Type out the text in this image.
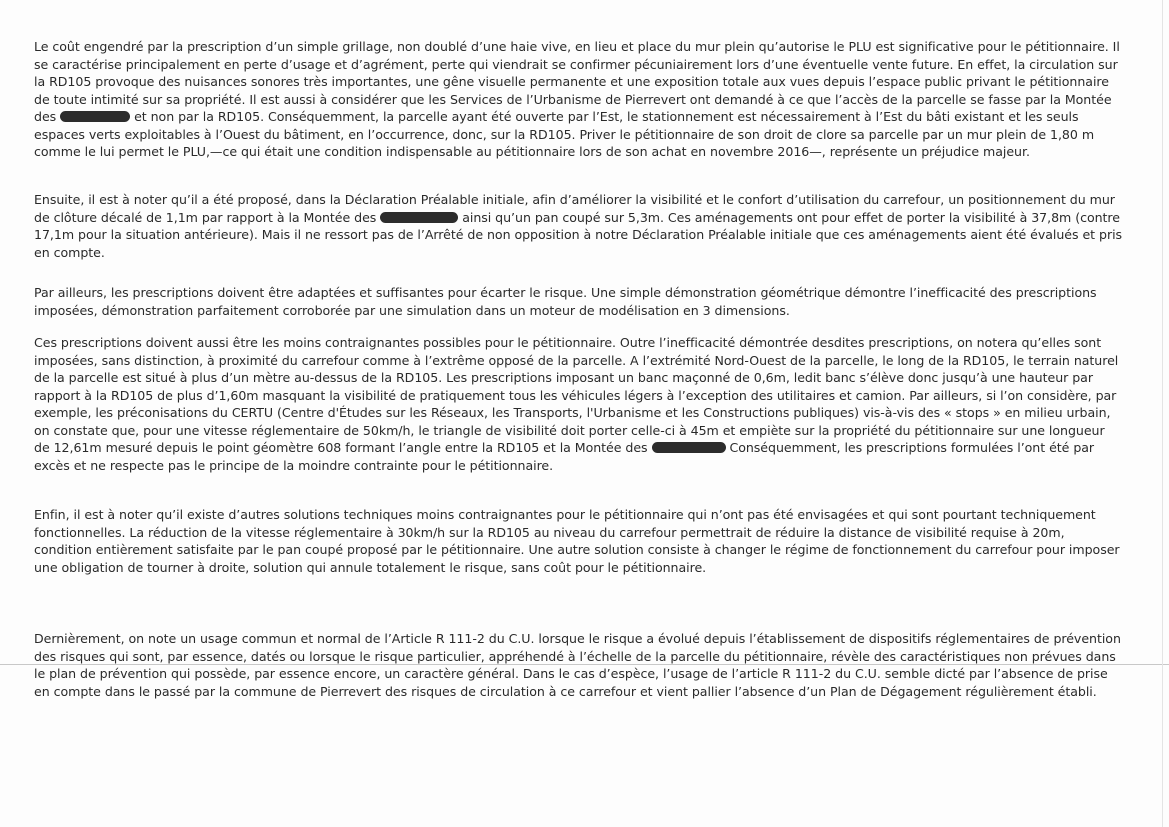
Le coût engendré par la prescription d’un simple grillage, non doublé d’une haie vive, en lieu et place du mur plein qu’autorise le PLU est significative pour le pétitionnaire. Il se caractérise principalement en perte d’usage et d’agrément, perte qui viendrait se confirmer pécuniairement lors d’une éventuelle vente future. En effet, la circulation sur la RD105 provoque des nuisances sonores très importantes, une gêne visuelle permanente et une exposition totale aux vues depuis l’espace public privant le pétitionnaire de toute intimité sur sa propriété. Il est aussi à considérer que les Services de l’Urbanisme de Pierrevert ont demandé à ce que l’accès de la parcelle se fasse par la Montée des	et non par la RD105. Conséquemment, la parcelle ayant été ouverte par l’Est, le stationnement est nécessairement à l’Est du bâti existant et les seuls espaces verts exploitables à l’Ouest du bâtiment, en l’occurrence, donc, sur la RD105. Priver le pétitionnaire de son droit de clore sa parcelle par un mur plein de 1,80 m comme le lui permet le PLU,—ce qui était une condition indispensable au pétitionnaire lors de son achat en novembre 2016—, représente un préjudice majeur.

Ensuite, il est à noter qu’il a été proposé, dans la Déclaration Préalable initiale, afin d’améliorer la visibilité et le confort d’utilisation du carrefour, un positionnement du mur de clôture décalé de 1,1m par rapport à la Montée des	ainsi qu’un pan coupé sur 5,3m. Ces aménagements ont pour effet de porter la visibilité à 37,8m (contre 17,1m pour la situation antérieure). Mais il ne ressort pas de l’Arrêté de non opposition à notre Déclaration Préalable initiale que ces aménagements aient été évalués et pris en compte.

Par ailleurs, les prescriptions doivent être adaptées et suffisantes pour écarter le risque. Une simple démonstration géométrique démontre l’inefficacité des prescriptions imposées, démonstration parfaitement corroborée par une simulation dans un moteur de modélisation en 3 dimensions.

Ces prescriptions doivent aussi être les moins contraignantes possibles pour le pétitionnaire. Outre l’inefficacité démontrée desdites prescriptions, on notera qu’elles sont imposées, sans distinction, à proximité du carrefour comme à l’extrême opposé de la parcelle. A l’extrémité Nord-Ouest de la parcelle, le long de la RD105, le terrain naturel de la parcelle est situé à plus d’un mètre au-dessus de la RD105. Les prescriptions imposant un banc maçonné de 0,6m, ledit banc s’élève donc jusqu’à une hauteur par rapport à la RD105 de plus d’1,60m masquant la visibilité de pratiquement tous les véhicules légers à l’exception des utilitaires et camion. Par ailleurs, si l’on considère, par exemple, les préconisations du CERTU (Centre d'Études sur les Réseaux, les Transports, l'Urbanisme et les Constructions publiques) vis-à-vis des « stops » en milieu urbain, on constate que, pour une vitesse réglementaire de 50km/h, le triangle de visibilité doit porter celle-ci à 45m et empiète sur la propriété du pétitionnaire sur une longueur de 12,61m mesuré depuis le point géomètre 608 formant l’angle entre la RD105 et la Montée des	Conséquemment, les prescriptions formulées l’ont été par excès et ne respecte pas le principe de la moindre contrainte pour le pétitionnaire.

Enfin, il est à noter qu’il existe d’autres solutions techniques moins contraignantes pour le pétitionnaire qui n’ont pas été envisagées et qui sont pourtant techniquement fonctionnelles. La réduction de la vitesse réglementaire à 30km/h sur la RD105 au niveau du carrefour permettrait de réduire la distance de visibilité requise à 20m, condition entièrement satisfaite par le pan coupé proposé par le pétitionnaire. Une autre solution consiste à changer le régime de fonctionnement du carrefour pour imposer une obligation de tourner à droite, solution qui annule totalement le risque, sans coût pour le pétitionnaire.

Dernièrement, on note un usage commun et normal de l’Article R 111-2 du C.U. lorsque le risque a évolué depuis l’établissement de dispositifs réglementaires de prévention des risques qui sont, par essence, datés ou lorsque le risque particulier, appréhendé à l’échelle de la parcelle du pétitionnaire, révèle des caractéristiques non prévues dans le plan de prévention qui possède, par essence encore, un caractère général. Dans le cas d’espèce, l’usage de l’article R 111-2 du C.U. semble dicté par l’absence de prise en compte dans le passé par la commune de Pierrevert des risques de circulation à ce carrefour et vient pallier l’absence d’un Plan de Dégagement régulièrement établi.
